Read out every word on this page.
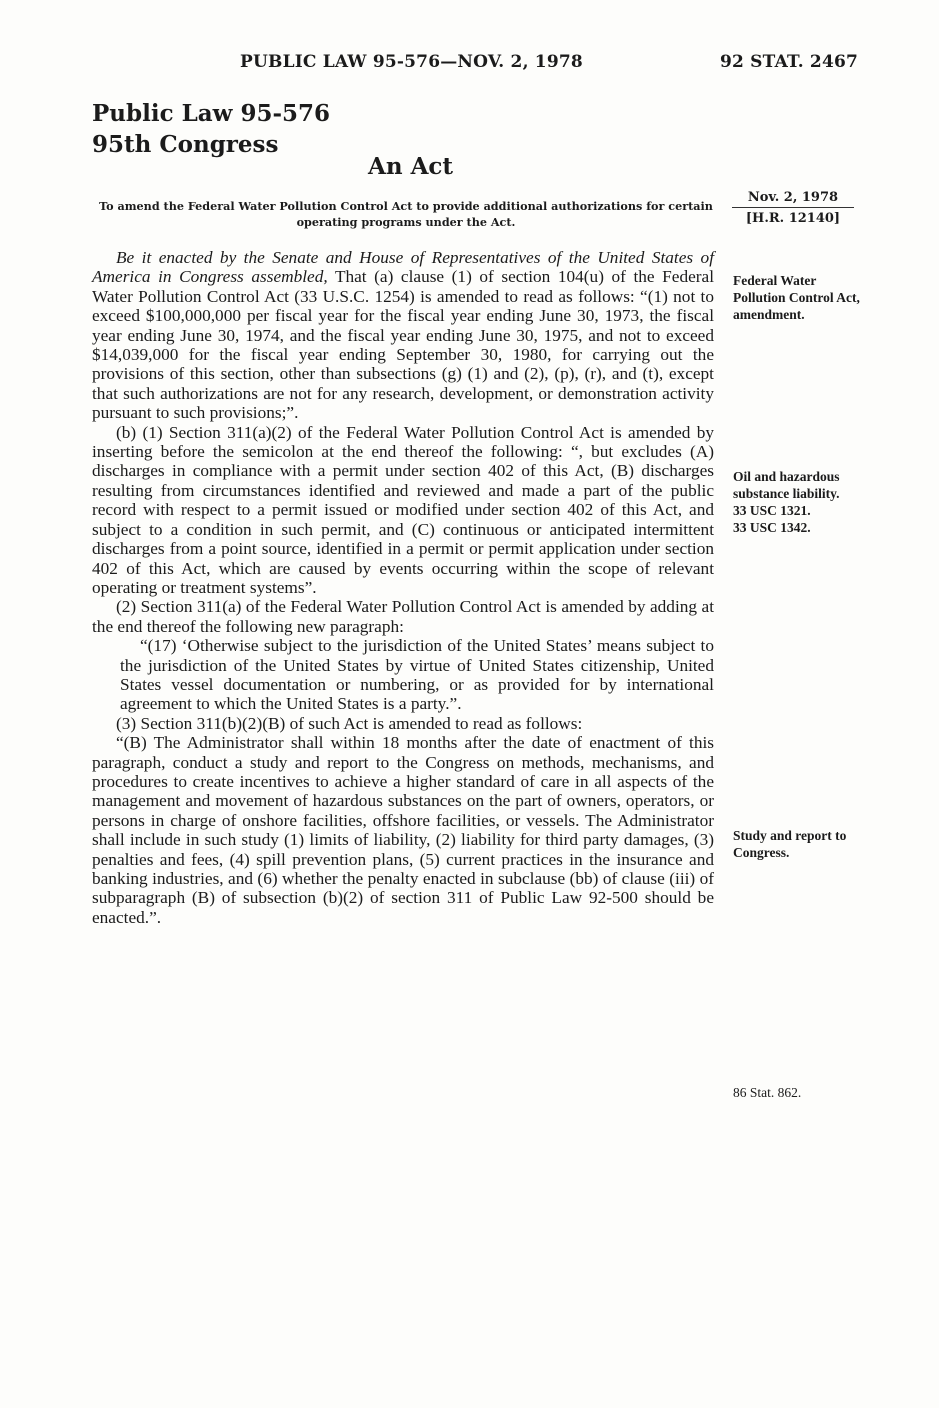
PUBLIC LAW 95-576—NOV. 2, 1978	92 STAT. 2467
Public Law 95-576
95th Congress
An Act
To amend the Federal Water Pollution Control Act to provide additional authorizations for certain operating programs under the Act.
Nov. 2, 1978
[H.R. 12140]

Be it enacted by the Senate and House of Representatives of the United States of America in Congress assembled, That (a) clause (1) of section 104(u) of the Federal Water Pollution Control Act (33 U.S.C. 1254) is amended to read as follows: “(1) not to exceed $100,000,000 per fiscal year for the fiscal year ending June 30, 1973, the fiscal year ending June 30, 1974, and the fiscal year ending June 30, 1975, and not to exceed $14,039,000 for the fiscal year ending September 30, 1980, for carrying out the provisions of this section, other than subsections (g) (1) and (2), (p), (r), and (t), except that such authorizations are not for any research, development, or demonstration activity pursuant to such provisions;”.

(b) (1) Section 311(a)(2) of the Federal Water Pollution Control Act is amended by inserting before the semicolon at the end thereof the following: “, but excludes (A) discharges in compliance with a permit under section 402 of this Act, (B) discharges resulting from circumstances identified and reviewed and made a part of the public record with respect to a permit issued or modified under section 402 of this Act, and subject to a condition in such permit, and (C) continuous or anticipated intermittent discharges from a point source, identified in a permit or permit application under section 402 of this Act, which are caused by events occurring within the scope of relevant operating or treatment systems”.

(2) Section 311(a) of the Federal Water Pollution Control Act is amended by adding at the end thereof the following new paragraph:

“(17) ‘Otherwise subject to the jurisdiction of the United States’ means subject to the jurisdiction of the United States by virtue of United States citizenship, United States vessel documentation or numbering, or as provided for by international agreement to which the United States is a party.”.

(3) Section 311(b)(2)(B) of such Act is amended to read as follows:

“(B) The Administrator shall within 18 months after the date of enactment of this paragraph, conduct a study and report to the Congress on methods, mechanisms, and procedures to create incentives to achieve a higher standard of care in all aspects of the management and movement of hazardous substances on the part of owners, operators, or persons in charge of onshore facilities, offshore facilities, or vessels. The Administrator shall include in such study (1) limits of liability, (2) liability for third party damages, (3) penalties and fees, (4) spill prevention plans, (5) current practices in the insurance and banking industries, and (6) whether the penalty enacted in subclause (bb) of clause (iii) of subparagraph (B) of subsection (b)(2) of section 311 of Public Law 92-500 should be enacted.”.

Federal Water Pollution Control Act, amendment.
Oil and hazardous substance liability.
33 USC 1321.
33 USC 1342.
Study and report to Congress.
86 Stat. 862.
